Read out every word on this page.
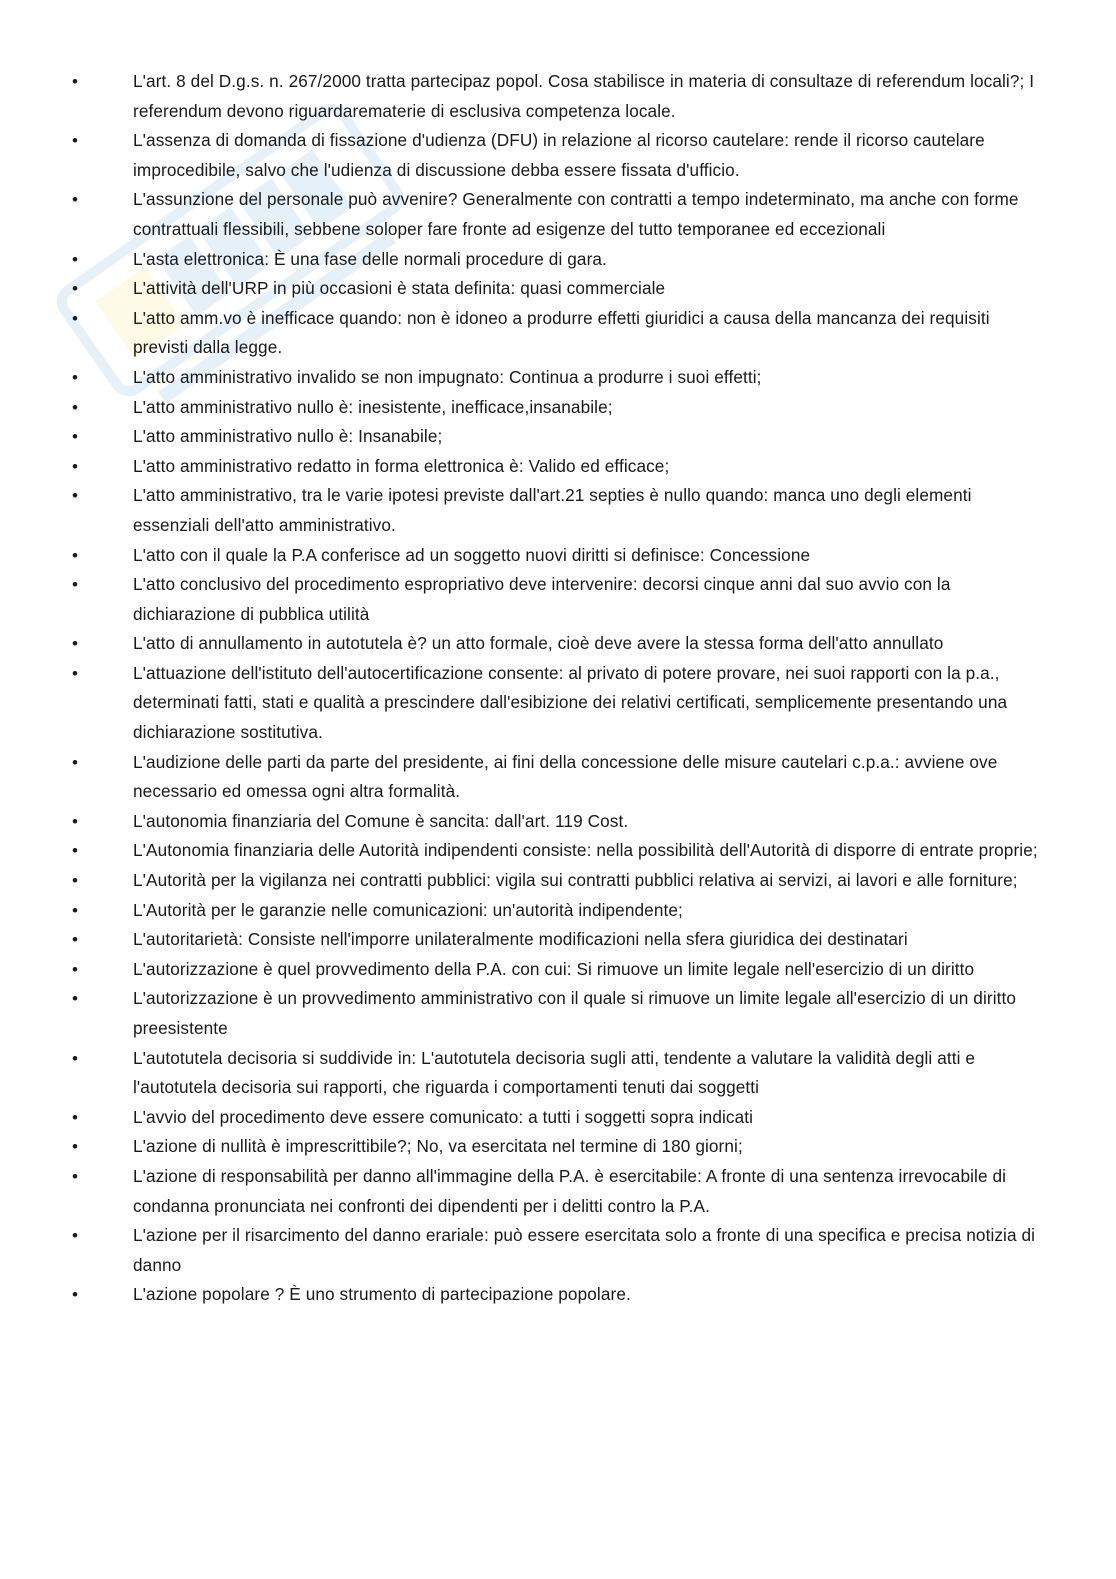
•	L'art. 8 del D.g.s. n. 267/2000 tratta partecipaz popol. Cosa stabilisce in materia di consultaze di referendum locali?; I referendum devono riguardarematerie di esclusiva competenza locale.
•	L'assenza di domanda di fissazione d'udienza (DFU) in relazione al ricorso cautelare: rende il ricorso cautelare improcedibile, salvo che l'udienza di discussione debba essere fissata d'ufficio.
•	L'assunzione del personale può avvenire? Generalmente con contratti a tempo indeterminato, ma anche con forme contrattuali flessibili, sebbene soloper fare fronte ad esigenze del tutto temporanee ed eccezionali
•	L'asta elettronica: È una fase delle normali procedure di gara.
•	L'attività dell'URP in più occasioni è stata definita: quasi commerciale
•	L'atto amm.vo è inefficace quando: non è idoneo a produrre effetti giuridici a causa della mancanza dei requisiti previsti dalla legge.
•	L'atto amministrativo invalido se non impugnato: Continua a produrre i suoi effetti;
•	L'atto amministrativo nullo è: inesistente, inefficace,insanabile;
•	L'atto amministrativo nullo è: Insanabile;
•	L'atto amministrativo redatto in forma elettronica è: Valido ed efficace;
•	L'atto amministrativo, tra le varie ipotesi previste dall'art.21 septies è nullo quando: manca uno degli elementi essenziali dell'atto amministrativo.
•	L'atto con il quale la P.A conferisce ad un soggetto nuovi diritti si definisce: Concessione
•	L'atto conclusivo del procedimento espropriativo deve intervenire: decorsi cinque anni dal suo avvio con la dichiarazione di pubblica utilità
•	L'atto di annullamento in autotutela è? un atto formale, cioè deve avere la stessa forma dell'atto annullato
•	L'attuazione dell'istituto dell'autocertificazione consente: al privato di potere provare, nei suoi rapporti con la p.a., determinati fatti, stati e qualità a prescindere dall'esibizione dei relativi certificati, semplicemente presentando una dichiarazione sostitutiva.
•	L'audizione delle parti da parte del presidente, ai fini della concessione delle misure cautelari c.p.a.: avviene ove necessario ed omessa ogni altra formalità.
•	L'autonomia finanziaria del Comune è sancita: dall'art. 119 Cost.
•	L'Autonomia finanziaria delle Autorità indipendenti consiste: nella possibilità dell'Autorità di disporre di entrate proprie;
•	L'Autorità per la vigilanza nei contratti pubblici: vigila sui contratti pubblici relativa ai servizi, ai lavori e alle forniture;
•	L'Autorità per le garanzie nelle comunicazioni: un'autorità indipendente;
•	L'autoritarietà: Consiste nell'imporre unilateralmente modificazioni nella sfera giuridica dei destinatari
•	L'autorizzazione è quel provvedimento della P.A. con cui: Si rimuove un limite legale nell'esercizio di un diritto
•	L'autorizzazione è un provvedimento amministrativo con il quale si rimuove un limite legale all'esercizio di un diritto preesistente
•	L'autotutela decisoria si suddivide in: L'autotutela decisoria sugli atti, tendente a valutare la validità degli atti e l'autotutela decisoria sui rapporti, che riguarda i comportamenti tenuti dai soggetti
•	L'avvio del procedimento deve essere comunicato: a tutti i soggetti sopra indicati
•	L'azione di nullità è imprescrittibile?; No, va esercitata nel termine di 180 giorni;
•	L'azione di responsabilità per danno all'immagine della P.A. è esercitabile: A fronte di una sentenza irrevocabile di condanna pronunciata nei confronti dei dipendenti per i delitti contro la P.A.
•	L'azione per il risarcimento del danno erariale: può essere esercitata solo a fronte di una specifica e precisa notizia di danno
•	L'azione popolare ? È uno strumento di partecipazione popolare.
